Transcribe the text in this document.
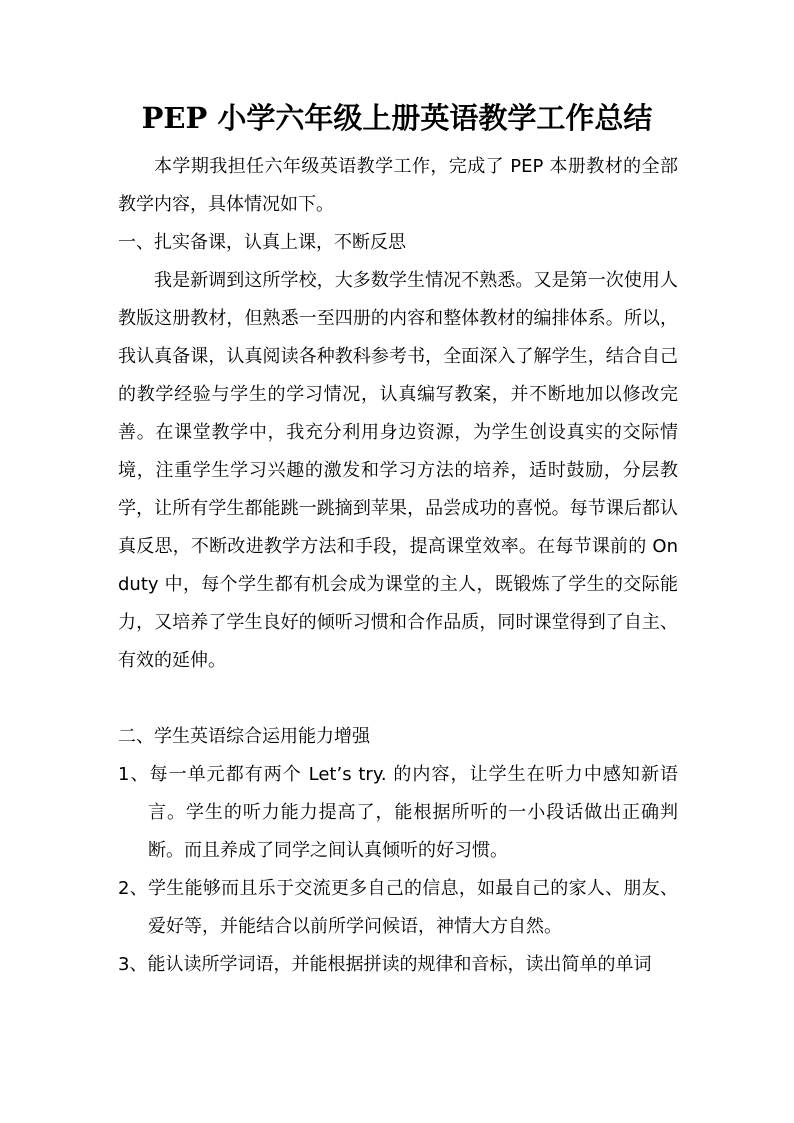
PEP 小学六年级上册英语教学工作总结

本学期我担任六年级英语教学工作，完成了 PEP 本册教材的全部教学内容，具体情况如下。

一、扎实备课，认真上课，不断反思

我是新调到这所学校，大多数学生情况不熟悉。又是第一次使用人教版这册教材，但熟悉一至四册的内容和整体教材的编排体系。所以，我认真备课，认真阅读各种教科参考书，全面深入了解学生，结合自己的教学经验与学生的学习情况，认真编写教案，并不断地加以修改完善。在课堂教学中，我充分利用身边资源，为学生创设真实的交际情境，注重学生学习兴趣的激发和学习方法的培养，适时鼓励，分层教学，让所有学生都能跳一跳摘到苹果，品尝成功的喜悦。每节课后都认真反思，不断改进教学方法和手段，提高课堂效率。在每节课前的 On duty 中，每个学生都有机会成为课堂的主人，既锻炼了学生的交际能力，又培养了学生良好的倾听习惯和合作品质，同时课堂得到了自主、有效的延伸。

二、学生英语综合运用能力增强

1、每一单元都有两个 Let’s try. 的内容，让学生在听力中感知新语言。学生的听力能力提高了，能根据所听的一小段话做出正确判断。而且养成了同学之间认真倾听的好习惯。

2、学生能够而且乐于交流更多自己的信息，如最自己的家人、朋友、爱好等，并能结合以前所学问候语，神情大方自然。

3、能认读所学词语，并能根据拼读的规律和音标，读出简单的单词
